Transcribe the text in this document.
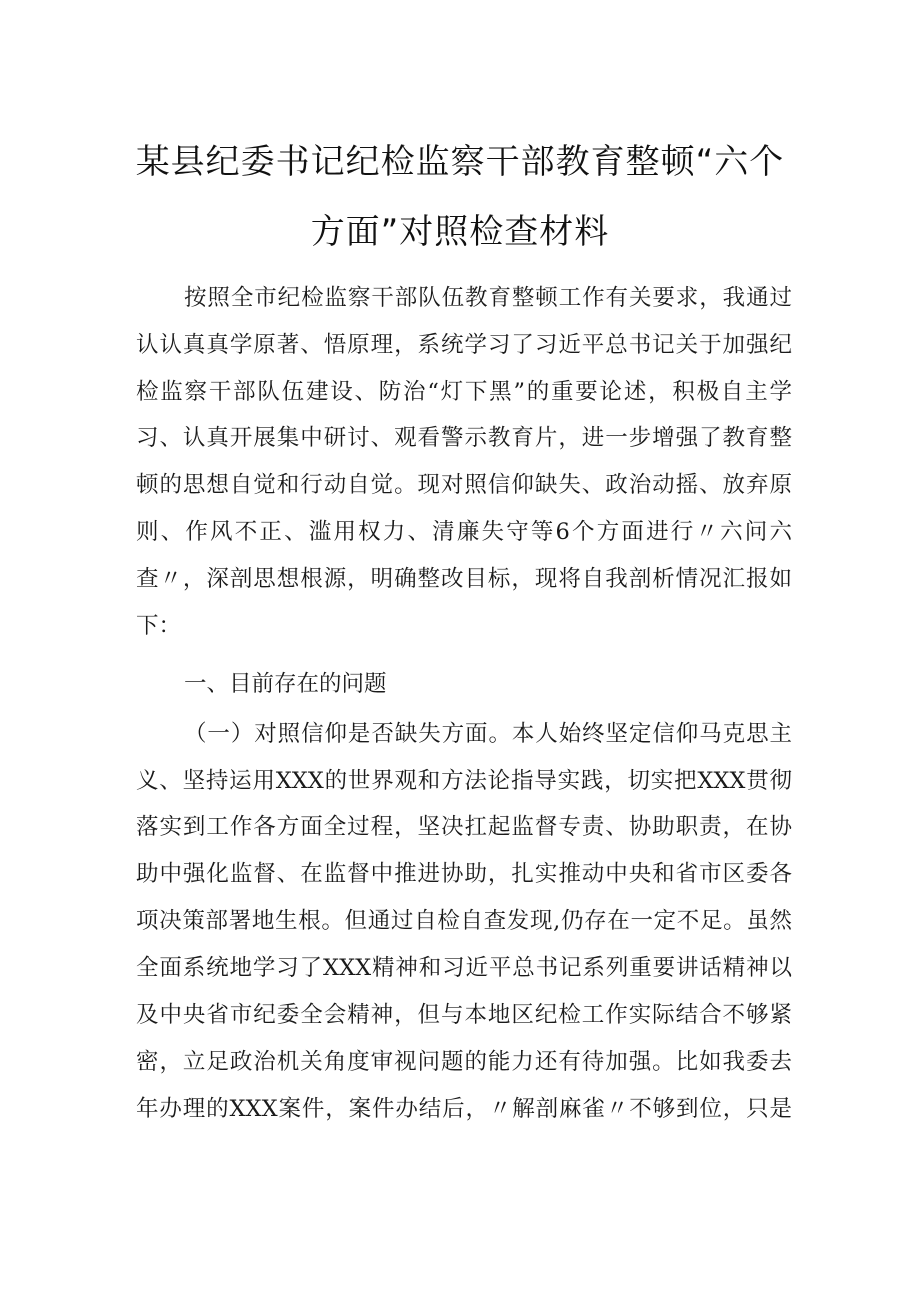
某县纪委书记纪检监察干部教育整顿“六个
方面”对照检查材料
按照全市纪检监察干部队伍教育整顿工作有关要求，我通过
认认真真学原著、悟原理，系统学习了习近平总书记关于加强纪
检监察干部队伍建设、防治“灯下黑”的重要论述，积极自主学
习、认真开展集中研讨、观看警示教育片，进一步增强了教育整
顿的思想自觉和行动自觉。现对照信仰缺失、政治动摇、放弃原
则、作风不正、滥用权力、清廉失守等6个方面进行〃六问六
查〃，深剖思想根源，明确整改目标，现将自我剖析情况汇报如
下：
一、目前存在的问题
（一）对照信仰是否缺失方面。本人始终坚定信仰马克思主
义、坚持运用XXX的世界观和方法论指导实践，切实把XXX贯彻
落实到工作各方面全过程，坚决扛起监督专责、协助职责，在协
助中强化监督、在监督中推进协助，扎实推动中央和省市区委各
项决策部署地生根。但通过自检自查发现,仍存在一定不足。虽然
全面系统地学习了XXX精神和习近平总书记系列重要讲话精神以
及中央省市纪委全会精神，但与本地区纪检工作实际结合不够紧
密，立足政治机关角度审视问题的能力还有待加强。比如我委去
年办理的XXX案件，案件办结后，〃解剖麻雀〃不够到位，只是
